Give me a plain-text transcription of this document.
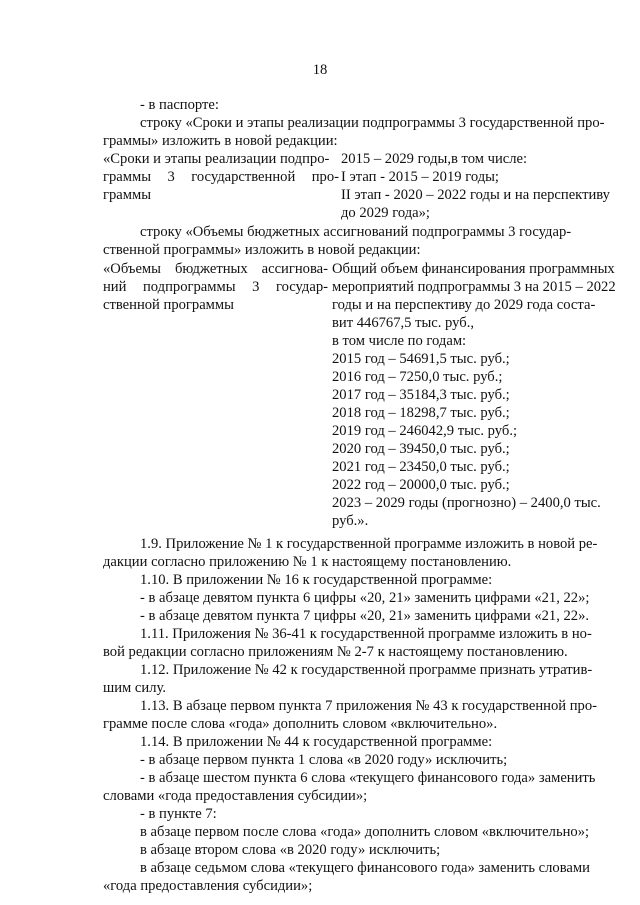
18
- в паспорте:
строку «Сроки и этапы реализации подпрограммы 3 государственной про-
граммы» изложить в новой редакции:
«Сроки и этапы реализации подпро-
граммы 3 государственной про-
граммы
2015 – 2029 годы,в том числе:
I этап - 2015 – 2019 годы;
II этап - 2020 – 2022 годы и на перспективу
до 2029 года»;
строку «Объемы бюджетных ассигнований подпрограммы 3 государ-
ственной программы» изложить в новой редакции:
«Объемы бюджетных ассигнова-
ний подпрограммы 3 государ-
ственной программы
Общий объем финансирования программных
мероприятий подпрограммы 3 на 2015 – 2022
годы и на перспективу до 2029 года соста-
вит 446767,5 тыс. руб.,
в том числе по годам:
2015 год – 54691,5 тыс. руб.;
2016 год – 7250,0 тыс. руб.;
2017 год – 35184,3 тыс. руб.;
2018 год – 18298,7 тыс. руб.;
2019 год – 246042,9 тыс. руб.;
2020 год – 39450,0 тыс. руб.;
2021 год – 23450,0 тыс. руб.;
2022 год – 20000,0 тыс. руб.;
2023 – 2029 годы (прогнозно) – 2400,0 тыс.
руб.».
1.9. Приложение № 1 к государственной программе изложить в новой ре-
дакции согласно приложению № 1 к настоящему постановлению.
1.10. В приложении № 16 к государственной программе:
- в абзаце девятом пункта 6 цифры «20, 21» заменить цифрами «21, 22»;
- в абзаце девятом пункта 7 цифры «20, 21» заменить цифрами «21, 22».
1.11. Приложения № 36-41 к государственной программе изложить в но-
вой редакции согласно приложениям № 2-7 к настоящему постановлению.
1.12. Приложение № 42 к государственной программе признать утратив-
шим силу.
1.13. В абзаце первом пункта 7 приложения № 43 к государственной про-
грамме после слова «года» дополнить словом «включительно».
1.14. В приложении № 44 к государственной программе:
- в абзаце первом пункта 1 слова «в 2020 году» исключить;
- в абзаце шестом пункта 6 слова «текущего финансового года» заменить
словами «года предоставления субсидии»;
- в пункте 7:
в абзаце первом после слова «года» дополнить словом «включительно»;
в абзаце втором слова «в 2020 году» исключить;
в абзаце седьмом слова «текущего финансового года» заменить словами
«года предоставления субсидии»;
